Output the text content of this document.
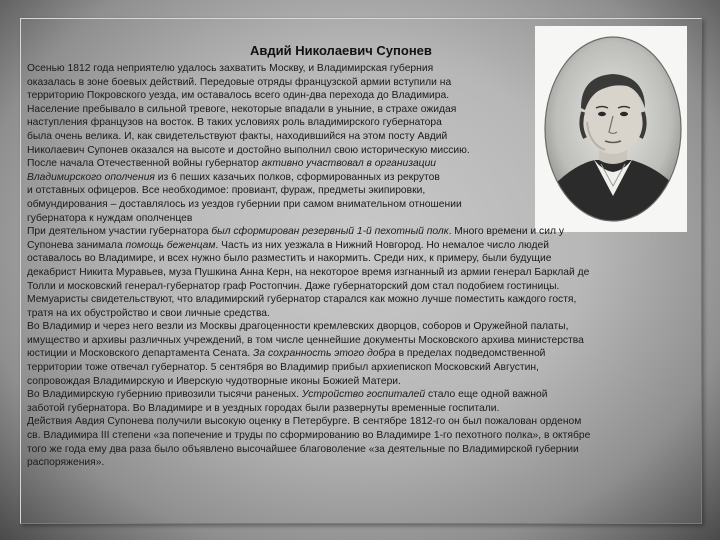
Авдий Николаевич Супонев
Осенью 1812 года неприятелю удалось захватить Москву, и Владимирская губерния
оказалась в зоне боевых действий. Передовые отряды французской армии вступили на
территорию Покровского уезда, им оставалось всего один-два перехода до Владимира.
Население пребывало в сильной тревоге, некоторые впадали в уныние, в страхе ожидая
наступления французов на восток. В таких условиях роль владимирского губернатора
была очень велика. И, как свидетельствуют факты, находившийся на этом посту Авдий
Николаевич Супонев оказался на высоте и достойно выполнил свою историческую миссию.
После начала Отечественной войны губернатор активно участвовал в организации
Владимирского ополчения из 6 пеших казачьих полков, сформированных из рекрутов
и отставных офицеров. Все необходимое: провиант, фураж, предметы экипировки,
обмундирования – доставлялось из уездов губернии при самом внимательном отношении
губернатора к нуждам ополченцев
При деятельном участии губернатора был сформирован резервный 1-й пехотный полк. Много времени и сил у
Супонева занимала помощь беженцам. Часть из них уезжала в Нижний Новгород. Но немалое число людей
оставалось во Владимире, и всех нужно было разместить и накормить. Среди них, к примеру, были будущие
декабрист Никита Муравьев, муза Пушкина Анна Керн, на некоторое время изгнанный из армии генерал Барклай де
Толли и московский генерал-губернатор граф Ростопчин. Даже губернаторский дом стал подобием гостиницы.
Мемуаристы свидетельствуют, что владимирский губернатор старался как можно лучше поместить каждого гостя,
тратя на их обустройство и свои личные средства.
Во Владимир и через него везли из Москвы драгоценности кремлевских дворцов, соборов и Оружейной палаты,
имущество и архивы различных учреждений, в том числе ценнейшие документы Московского архива министерства
юстиции и Московского департамента Сената. За сохранность этого добра в пределах подведомственной
территории тоже отвечал губернатор. 5 сентября во Владимир прибыл архиепископ Московский Августин,
сопровождая Владимирскую и Иверскую чудотворные иконы Божией Матери.
Во Владимирскую губернию привозили тысячи раненых. Устройство госпиталей стало еще одной важной
заботой губернатора. Во Владимире и в уездных городах были развернуты временные госпитали.
Действия Авдия Супонева получили высокую оценку в Петербурге. В сентябре 1812-го он был пожалован орденом
св. Владимира III степени «за попечение и труды по сформированию во Владимире 1-го пехотного полка», в октябре
того же года ему два раза было объявлено высочайшее благоволение «за деятельные по Владимирской губернии
распоряжения».
